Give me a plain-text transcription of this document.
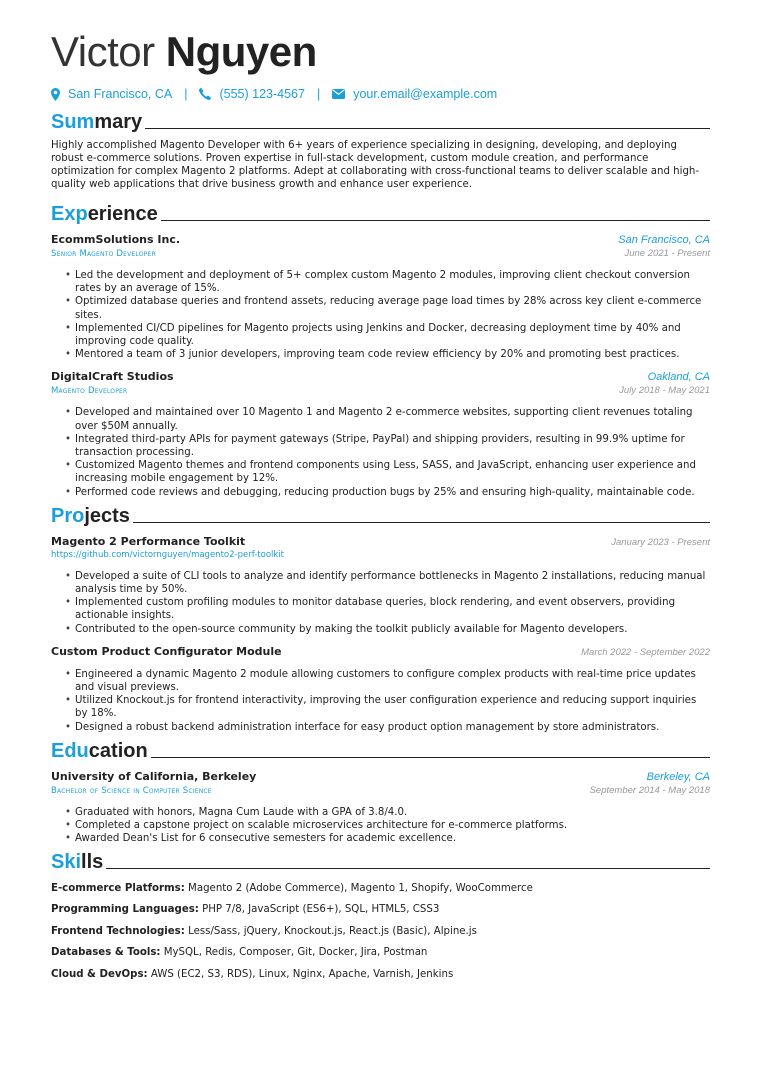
Victor Nguyen
San Francisco, CA |	(555) 123-4567 |	your.email@example.com
Summary

Highly accomplished Magento Developer with 6+ years of experience specializing in designing, developing, and deploying robust e-commerce solutions. Proven expertise in full-stack development, custom module creation, and performance optimization for complex Magento 2 platforms. Adept at collaborating with cross-functional teams to deliver scalable and high-quality web applications that drive business growth and enhance user experience.

Experience
EcommSolutions Inc.	San Francisco, CA
Senior Magento Developer	June 2021 - Present
• Led the development and deployment of 5+ complex custom Magento 2 modules, improving client checkout conversion rates by an average of 15%.
• Optimized database queries and frontend assets, reducing average page load times by 28% across key client e-commerce sites.
• Implemented CI/CD pipelines for Magento projects using Jenkins and Docker, decreasing deployment time by 40% and improving code quality.
• Mentored a team of 3 junior developers, improving team code review efficiency by 20% and promoting best practices.
DigitalCraft Studios	Oakland, CA
Magento Developer	July 2018 - May 2021
• Developed and maintained over 10 Magento 1 and Magento 2 e-commerce websites, supporting client revenues totaling over $50M annually.
• Integrated third-party APIs for payment gateways (Stripe, PayPal) and shipping providers, resulting in 99.9% uptime for transaction processing.
• Customized Magento themes and frontend components using Less, SASS, and JavaScript, enhancing user experience and increasing mobile engagement by 12%.
• Performed code reviews and debugging, reducing production bugs by 25% and ensuring high-quality, maintainable code.
Projects
Magento 2 Performance Toolkit	January 2023 - Present
https://github.com/victornguyen/magento2-perf-toolkit
• Developed a suite of CLI tools to analyze and identify performance bottlenecks in Magento 2 installations, reducing manual analysis time by 50%.
• Implemented custom profiling modules to monitor database queries, block rendering, and event observers, providing actionable insights.
• Contributed to the open-source community by making the toolkit publicly available for Magento developers.
Custom Product Configurator Module	March 2022 - September 2022
• Engineered a dynamic Magento 2 module allowing customers to configure complex products with real-time price updates and visual previews.
• Utilized Knockout.js for frontend interactivity, improving the user configuration experience and reducing support inquiries by 18%.
• Designed a robust backend administration interface for easy product option management by store administrators.
Education
University of California, Berkeley	Berkeley, CA
Bachelor of Science in Computer Science	September 2014 - May 2018
• Graduated with honors, Magna Cum Laude with a GPA of 3.8/4.0.
• Completed a capstone project on scalable microservices architecture for e-commerce platforms.
• Awarded Dean's List for 6 consecutive semesters for academic excellence.
Skills

E-commerce Platforms: Magento 2 (Adobe Commerce), Magento 1, Shopify, WooCommerce

Programming Languages: PHP 7/8, JavaScript (ES6+), SQL, HTML5, CSS3

Frontend Technologies: Less/Sass, jQuery, Knockout.js, React.js (Basic), Alpine.js

Databases & Tools: MySQL, Redis, Composer, Git, Docker, Jira, Postman

Cloud & DevOps: AWS (EC2, S3, RDS), Linux, Nginx, Apache, Varnish, Jenkins
